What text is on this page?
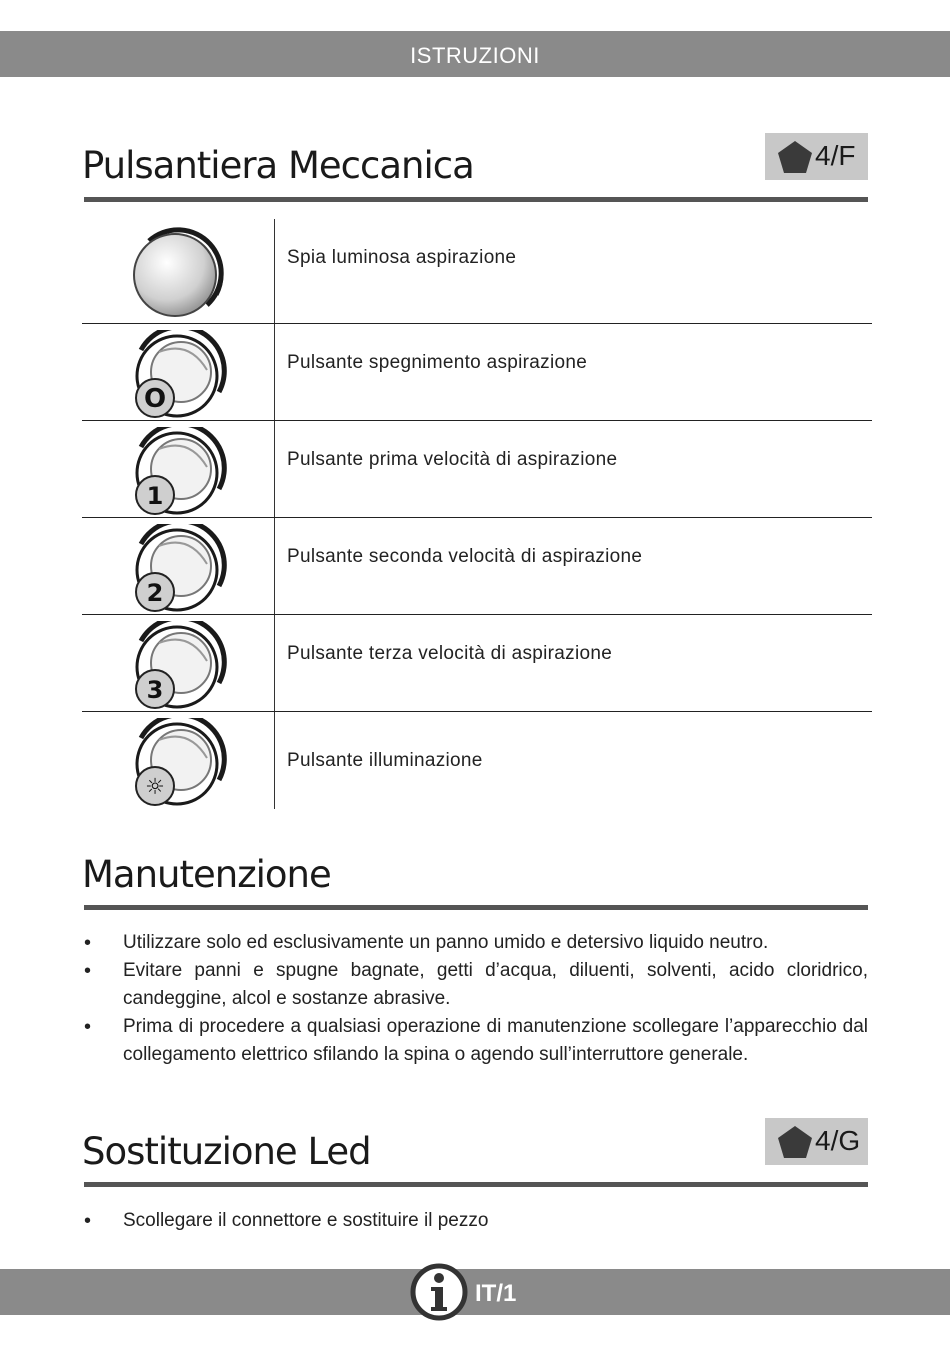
ISTRUZIONI
Pulsantiera Meccanica	4/F
Spia luminosa aspirazione
O
Pulsante spegnimento aspirazione
1
Pulsante prima velocità di aspirazione
2
Pulsante seconda velocità di aspirazione
3
Pulsante terza velocità di aspirazione
☼
Pulsante illuminazione
Manutenzione
• Utilizzare solo ed esclusivamente un panno umido e detersivo liquido neutro.
• Evitare panni e spugne bagnate, getti d’acqua, diluenti, solventi, acido cloridrico, candeggine, alcol e sostanze abrasive.
• Prima di procedere a qualsiasi operazione di manutenzione scollegare l’apparecchio dal collegamento elettrico sfilando la spina o agendo sull’interruttore generale.
Sostituzione Led	4/G
• Scollegare il connettore e sostituire il pezzo
IT/1
